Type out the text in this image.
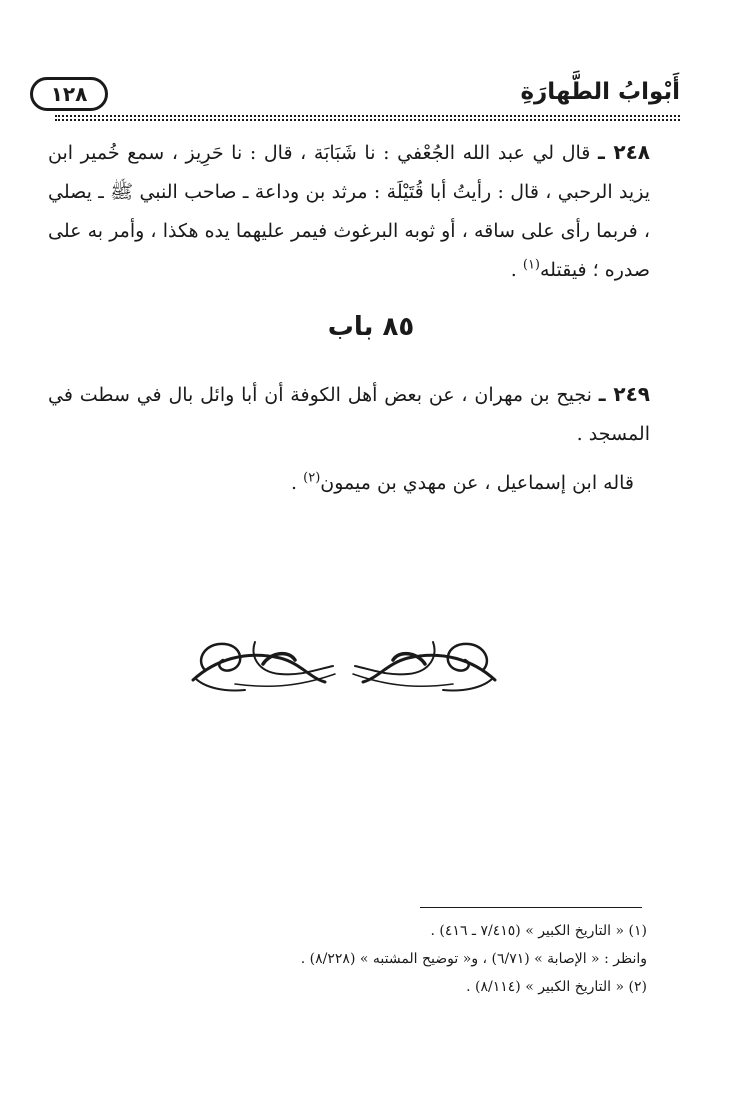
١٢٨	أَبْوابُ الطَّهارَةِ
٢٤٨ ـ قال لي عبد الله الجُعْفي : نا شَبَابَة ، قال : نا حَرِيز ، سمع خُمير ابن يزيد الرحبي ، قال : رأيتُ أبا قُتَيْلَة : مرثد بن وداعة ـ صاحب النبي ﷺ ـ يصلي ، فربما رأى على ساقه ، أو ثوبه البرغوث فيمر عليهما يده هكذا ، وأمر به على صدره ؛ فيقتله$^{(١)}$ .
٨٥ باب
٢٤٩ ـ نجيح بن مهران ، عن بعض أهل الكوفة أن أبا وائل بال في سطت في المسجد .
قاله ابن إسماعيل ، عن مهدي بن ميمون$^{(٢)}$ .
(١) « التاريخ الكبير » (٧/٤١٥ ـ ٤١٦) .
وانظر : « الإصابة » (٦/٧١) ، و« توضيح المشتبه » (٨/٢٢٨) .
(٢) « التاريخ الكبير » (٨/١١٤) .
